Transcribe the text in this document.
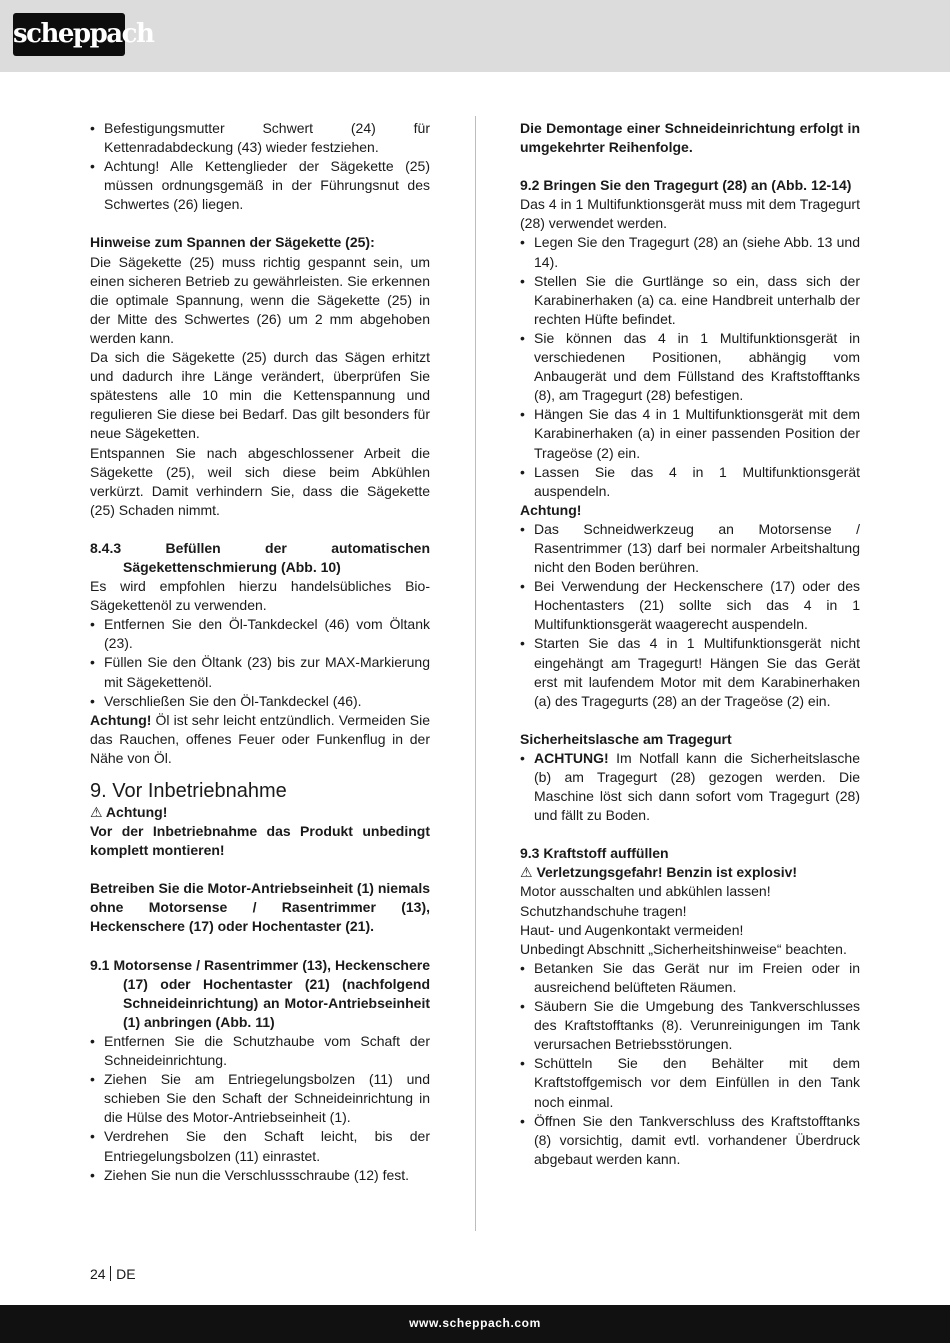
scheppach
• Befestigungsmutter Schwert (24) für Kettenradabdeckung (43) wieder festziehen.
• Achtung! Alle Kettenglieder der Sägekette (25) müssen ordnungsgemäß in der Führungsnut des Schwertes (26) liegen.

Hinweise zum Spannen der Sägekette (25):

Die Sägekette (25) muss richtig gespannt sein, um einen sicheren Betrieb zu gewährleisten. Sie erkennen die optimale Spannung, wenn die Sägekette (25) in der Mitte des Schwertes (26) um 2 mm abgehoben werden kann.

Da sich die Sägekette (25) durch das Sägen erhitzt und dadurch ihre Länge verändert, überprüfen Sie spätestens alle 10 min die Kettenspannung und regulieren Sie diese bei Bedarf. Das gilt besonders für neue Sägeketten.

Entspannen Sie nach abgeschlossener Arbeit die Sägekette (25), weil sich diese beim Abkühlen verkürzt. Damit verhindern Sie, dass die Sägekette (25) Schaden nimmt.

8.4.3 Befüllen der automatischen Sägekettenschmierung (Abb. 10)

Es wird empfohlen hierzu handelsübliches Bio-Sägekettenöl zu verwenden.

• Entfernen Sie den Öl-Tankdeckel (46) vom Öltank (23).
• Füllen Sie den Öltank (23) bis zur MAX-Markierung mit Sägekettenöl.
• Verschließen Sie den Öl-Tankdeckel (46).

Achtung! Öl ist sehr leicht entzündlich. Vermeiden Sie das Rauchen, offenes Feuer oder Funkenflug in der Nähe von Öl.

9. Vor Inbetriebnahme

⚠ Achtung!

Vor der Inbetriebnahme das Produkt unbedingt komplett montieren!

Betreiben Sie die Motor-Antriebseinheit (1) niemals ohne Motorsense / Rasentrimmer (13), Heckenschere (17) oder Hochentaster (21).

9.1 Motorsense / Rasentrimmer (13), Heckenschere (17) oder Hochentaster (21) (nachfolgend Schneideinrichtung) an Motor-Antriebseinheit (1) anbringen (Abb. 11)

• Entfernen Sie die Schutzhaube vom Schaft der Schneideinrichtung.
• Ziehen Sie am Entriegelungsbolzen (11) und schieben Sie den Schaft der Schneideinrichtung in die Hülse des Motor-Antriebseinheit (1).
• Verdrehen Sie den Schaft leicht, bis der Entriegelungsbolzen (11) einrastet.
• Ziehen Sie nun die Verschlussschraube (12) fest.

Die Demontage einer Schneideinrichtung erfolgt in umgekehrter Reihenfolge.

9.2 Bringen Sie den Tragegurt (28) an (Abb. 12-14)

Das 4 in 1 Multifunktionsgerät muss mit dem Tragegurt (28) verwendet werden.

• Legen Sie den Tragegurt (28) an (siehe Abb. 13 und 14).
• Stellen Sie die Gurtlänge so ein, dass sich der Karabinerhaken (a) ca. eine Handbreit unterhalb der rechten Hüfte befindet.
• Sie können das 4 in 1 Multifunktionsgerät in verschiedenen Positionen, abhängig vom Anbaugerät und dem Füllstand des Kraftstofftanks (8), am Tragegurt (28) befestigen.
• Hängen Sie das 4 in 1 Multifunktionsgerät mit dem Karabinerhaken (a) in einer passenden Position der Trageöse (2) ein.
• Lassen Sie das 4 in 1 Multifunktionsgerät auspendeln.

Achtung!

• Das Schneidwerkzeug an Motorsense / Rasentrimmer (13) darf bei normaler Arbeitshaltung nicht den Boden berühren.
• Bei Verwendung der Heckenschere (17) oder des Hochentasters (21) sollte sich das 4 in 1 Multifunktionsgerät waagerecht auspendeln.
• Starten Sie das 4 in 1 Multifunktionsgerät nicht eingehängt am Tragegurt! Hängen Sie das Gerät erst mit laufendem Motor mit dem Karabinerhaken (a) des Tragegurts (28) an der Trageöse (2) ein.

Sicherheitslasche am Tragegurt

• ACHTUNG! Im Notfall kann die Sicherheitslasche (b) am Tragegurt (28) gezogen werden. Die Maschine löst sich dann sofort vom Tragegurt (28) und fällt zu Boden.

9.3 Kraftstoff auffüllen

⚠ Verletzungsgefahr! Benzin ist explosiv!

Motor ausschalten und abkühlen lassen!

Schutzhandschuhe tragen!

Haut- und Augenkontakt vermeiden!

Unbedingt Abschnitt „Sicherheitshinweise“ beachten.

• Betanken Sie das Gerät nur im Freien oder in ausreichend belüfteten Räumen.
• Säubern Sie die Umgebung des Tankverschlusses des Kraftstofftanks (8). Verunreinigungen im Tank verursachen Betriebsstörungen.
• Schütteln Sie den Behälter mit dem Kraftstoffgemisch vor dem Einfüllen in den Tank noch einmal.
• Öffnen Sie den Tankverschluss des Kraftstofftanks (8) vorsichtig, damit evtl. vorhandener Überdruck abgebaut werden kann.
24 DE
www.scheppach.com
